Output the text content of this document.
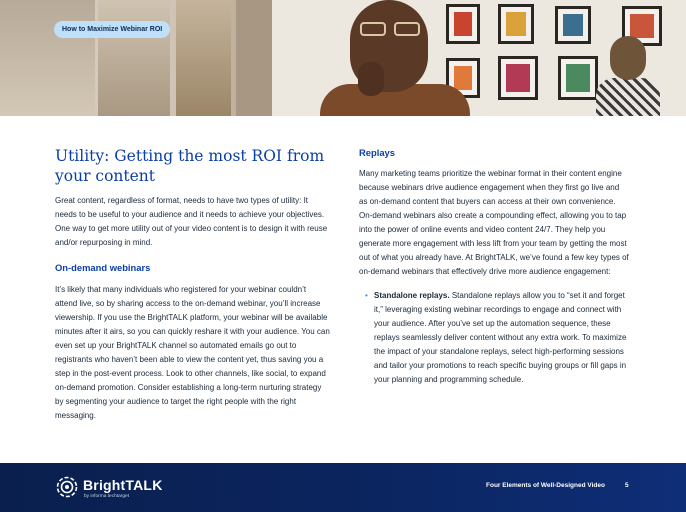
How to Maximize Webinar ROI
Utility: Getting the most ROI from your content

Great content, regardless of format, needs to have two types of utility: It needs to be useful to your audience and it needs to achieve your objectives. One way to get more utility out of your video content is to design it with reuse and/or repurposing in mind.

On-demand webinars

It’s likely that many individuals who registered for your webinar couldn’t attend live, so by sharing access to the on-demand webinar, you’ll increase viewership. If you use the BrightTALK platform, your webinar will be available minutes after it airs, so you can quickly reshare it with your audience. You can even set up your BrightTALK channel so automated emails go out to registrants who haven’t been able to view the content yet, thus saving you a step in the post-event process. Look to other channels, like social, to expand on-demand promotion. Consider establishing a long-term nurturing strategy by segmenting your audience to target the right people with the right messaging.

Replays

Many marketing teams prioritize the webinar format in their content engine because webinars drive audience engagement when they first go live and as on-demand content that buyers can access at their own convenience. On-demand webinars also create a compounding effect, allowing you to tap into the power of online events and video content 24/7. They help you generate more engagement with less lift from your team by getting the most out of what you already have. At BrightTALK, we’ve found a few key types of on-demand webinars that effectively drive more audience engagement:

• Standalone replays. Standalone replays allow you to “set it and forget it,” leveraging existing webinar recordings to engage and connect with your audience. After you’ve set up the automation sequence, these replays seamlessly deliver content without any extra work. To maximize the impact of your standalone replays, select high-performing sessions and tailor your promotions to reach specific buying groups or fill gaps in your planning and programming schedule.
BrightTALK
by informa techtarget
Four Elements of Well-Designed Video	5
